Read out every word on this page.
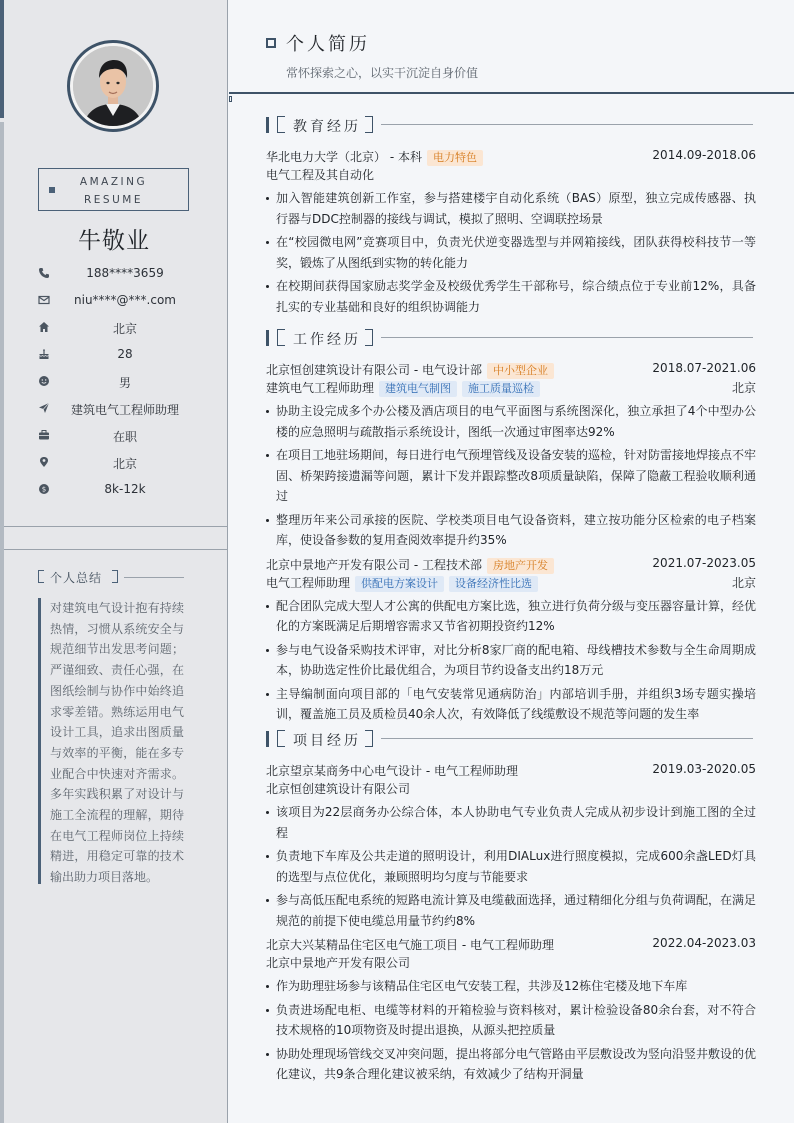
AMAZING
RESUME
牛敬业
188****3659
niu****@***.com
北京
28
男
建筑电气工程师助理
在职
北京
$	8k-12k
个人总结
对建筑电气设计抱有持续热情，习惯从系统安全与规范细节出发思考问题；严谨细致、责任心强，在图纸绘制与协作中始终追求零差错。熟练运用电气设计工具，追求出图质量与效率的平衡，能在多专业配合中快速对齐需求。多年实践积累了对设计与施工全流程的理解，期待在电气工程师岗位上持续精进，用稳定可靠的技术输出助力项目落地。
个人简历
常怀探索之心，以实干沉淀自身价值
教育经历
华北电力大学（北京） - 本科 电力特色	2014.09-2018.06
电气工程及其自动化
加入智能建筑创新工作室，参与搭建楼宇自动化系统（BAS）原型，独立完成传感器、执行器与DDC控制器的接线与调试，模拟了照明、空调联控场景
在“校园微电网”竞赛项目中，负责光伏逆变器选型与并网箱接线，团队获得校科技节一等奖，锻炼了从图纸到实物的转化能力
在校期间获得国家励志奖学金及校级优秀学生干部称号，综合绩点位于专业前12%，具备扎实的专业基础和良好的组织协调能力
工作经历
北京恒创建筑设计有限公司 - 电气设计部 中小型企业	2018.07-2021.06
建筑电气工程师助理 建筑电气制图 施工质量巡检	北京
协助主设完成多个办公楼及酒店项目的电气平面图与系统图深化，独立承担了4个中型办公楼的应急照明与疏散指示系统设计，图纸一次通过审图率达92%
在项目工地驻场期间，每日进行电气预埋管线及设备安装的巡检，针对防雷接地焊接点不牢固、桥架跨接遗漏等问题，累计下发并跟踪整改8项质量缺陷，保障了隐蔽工程验收顺利通过
整理历年来公司承接的医院、学校类项目电气设备资料，建立按功能分区检索的电子档案库，使设备参数的复用查阅效率提升约35%
北京中景地产开发有限公司 - 工程技术部 房地产开发	2021.07-2023.05
电气工程师助理 供配电方案设计 设备经济性比选	北京
配合团队完成大型人才公寓的供配电方案比选，独立进行负荷分级与变压器容量计算，经优化的方案既满足后期增容需求又节省初期投资约12%
参与电气设备采购技术评审，对比分析8家厂商的配电箱、母线槽技术参数与全生命周期成本，协助选定性价比最优组合，为项目节约设备支出约18万元
主导编制面向项目部的「电气安装常见通病防治」内部培训手册，并组织3场专题实操培训，覆盖施工员及质检员40余人次，有效降低了线缆敷设不规范等问题的发生率
项目经历
北京望京某商务中心电气设计 - 电气工程师助理	2019.03-2020.05
北京恒创建筑设计有限公司
该项目为22层商务办公综合体，本人协助电气专业负责人完成从初步设计到施工图的全过程
负责地下车库及公共走道的照明设计，利用DIALux进行照度模拟，完成600余盏LED灯具的选型与点位优化，兼顾照明均匀度与节能要求
参与高低压配电系统的短路电流计算及电缆截面选择，通过精细化分组与负荷调配，在满足规范的前提下使电缆总用量节约约8%
北京大兴某精品住宅区电气施工项目 - 电气工程师助理	2022.04-2023.03
北京中景地产开发有限公司
作为助理驻场参与该精品住宅区电气安装工程，共涉及12栋住宅楼及地下车库
负责进场配电柜、电缆等材料的开箱检验与资料核对，累计检验设备80余台套，对不符合技术规格的10项物资及时提出退换，从源头把控质量
协助处理现场管线交叉冲突问题，提出将部分电气管路由平层敷设改为竖向沿竖井敷设的优化建议，共9条合理化建议被采纳，有效减少了结构开洞量
